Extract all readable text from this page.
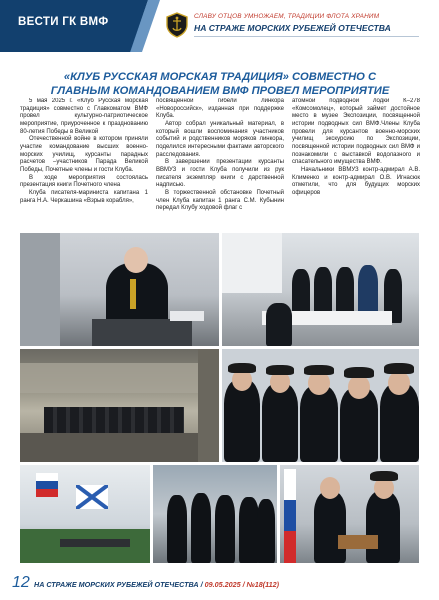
ВЕСТИ ГК ВМФ	СЛАВУ ОТЦОВ УМНОЖАЕМ, ТРАДИЦИИ ФЛОТА ХРАНИМ
НА СТРАЖЕ МОРСКИХ РУБЕЖЕЙ ОТЕЧЕСТВА
«КЛУБ РУССКАЯ МОРСКАЯ ТРАДИЦИЯ» СОВМЕСТНО С
ГЛАВНЫМ КОМАНДОВАНИЕМ ВМФ ПРОВЕЛ МЕРОПРИЯТИЕ

5 мая 2025 г. «Клуб Русская морская традиция» совместно с Главкоматом ВМФ провел культурно-патриотическое мероприятие, приуроченное к празднованию 80-летия Победы в Великой

Отечественной войне в котором приняли участие командование высших военно-морских училищ, курсанты парадных расчетов –участников Парада Великой Победы, Почетные члены и гости Клуба.

В ходе мероприятия состоялась презентация книги Почетного члена

Клуба писателя-мариниста капитана 1 ранга Н.А. Черкашина «Взрыв корабля»,

посвященной гибели линкора «Новороссийск», изданная при поддержке Клуба.

Автор собрал уникальный материал, в который вошли воспоминания участников событий и родственников моряков линкора, поделился интересными фактами авторского расследования.

В завершении презентации курсанты ВВМУЗ и гости Клуба получили из рук писателя экземпляр книги с дарственной надписью.

В торжественной обстановке Почетный член Клуба капитан 1 ранга С.М. Кубынин передал Клубу ходовой флаг с

атомной подводной лодки К–278 «Комсомолец», который займет достойное место в музее Экспозиции, посвященной истории подводных сил ВМФ.Члены Клуба провели для курсантов военно-морских училищ экскурсию по Экспозиции, посвященной истории подводных сил ВМФ и познакомили с выставкой водолазного и спасательного имущества ВМФ.

Начальники ВВМУЗ контр-адмирал А.В. Клименко и контр-адмирал О.В. Игнасюк отметили, что для будущих морских офицеров

12 НА СТРАЖЕ МОРСКИХ РУБЕЖЕЙ ОТЕЧЕСТВА / 09.05.2025 / №18(112)
